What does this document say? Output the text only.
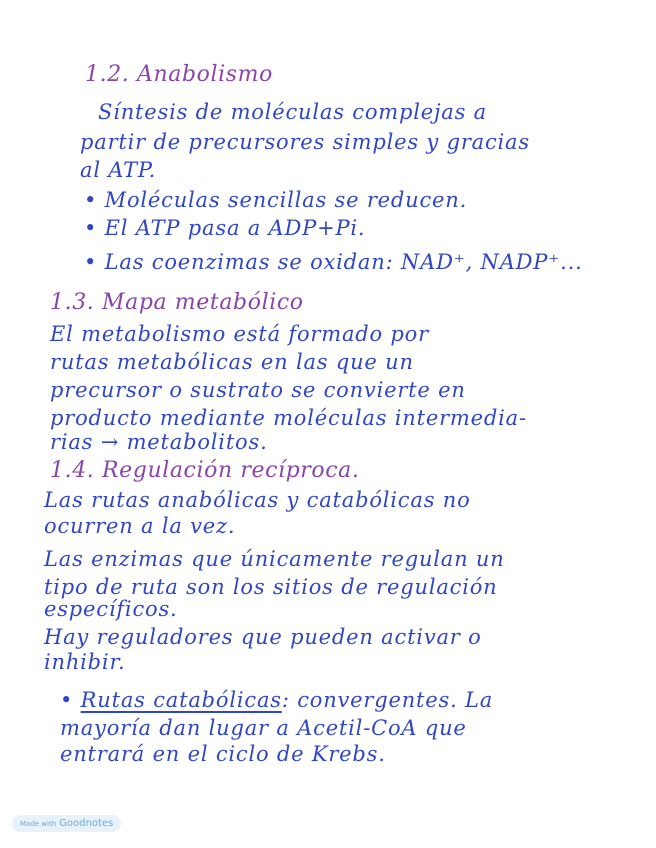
1.2. Anabolismo
Síntesis de moléculas complejas a
partir de precursores simples y gracias
al ATP.
• Moléculas sencillas se reducen.
• El ATP pasa a ADP+Pi.
• Las coenzimas se oxidan: NAD⁺, NADP⁺...
1.3. Mapa metabólico
El metabolismo está formado por
rutas metabólicas en las que un
precursor o sustrato se convierte en
producto mediante moléculas intermedia-
rias → metabolitos.
1.4. Regulación recíproca.
Las rutas anabólicas y catabólicas no
ocurren a la vez.
Las enzimas que únicamente regulan un
tipo de ruta son los sitios de regulación
específicos.
Hay reguladores que pueden activar o
inhibir.
• Rutas catabólicas: convergentes. La
mayoría dan lugar a Acetil-CoA que
entrará en el ciclo de Krebs.
Made with Goodnotes
